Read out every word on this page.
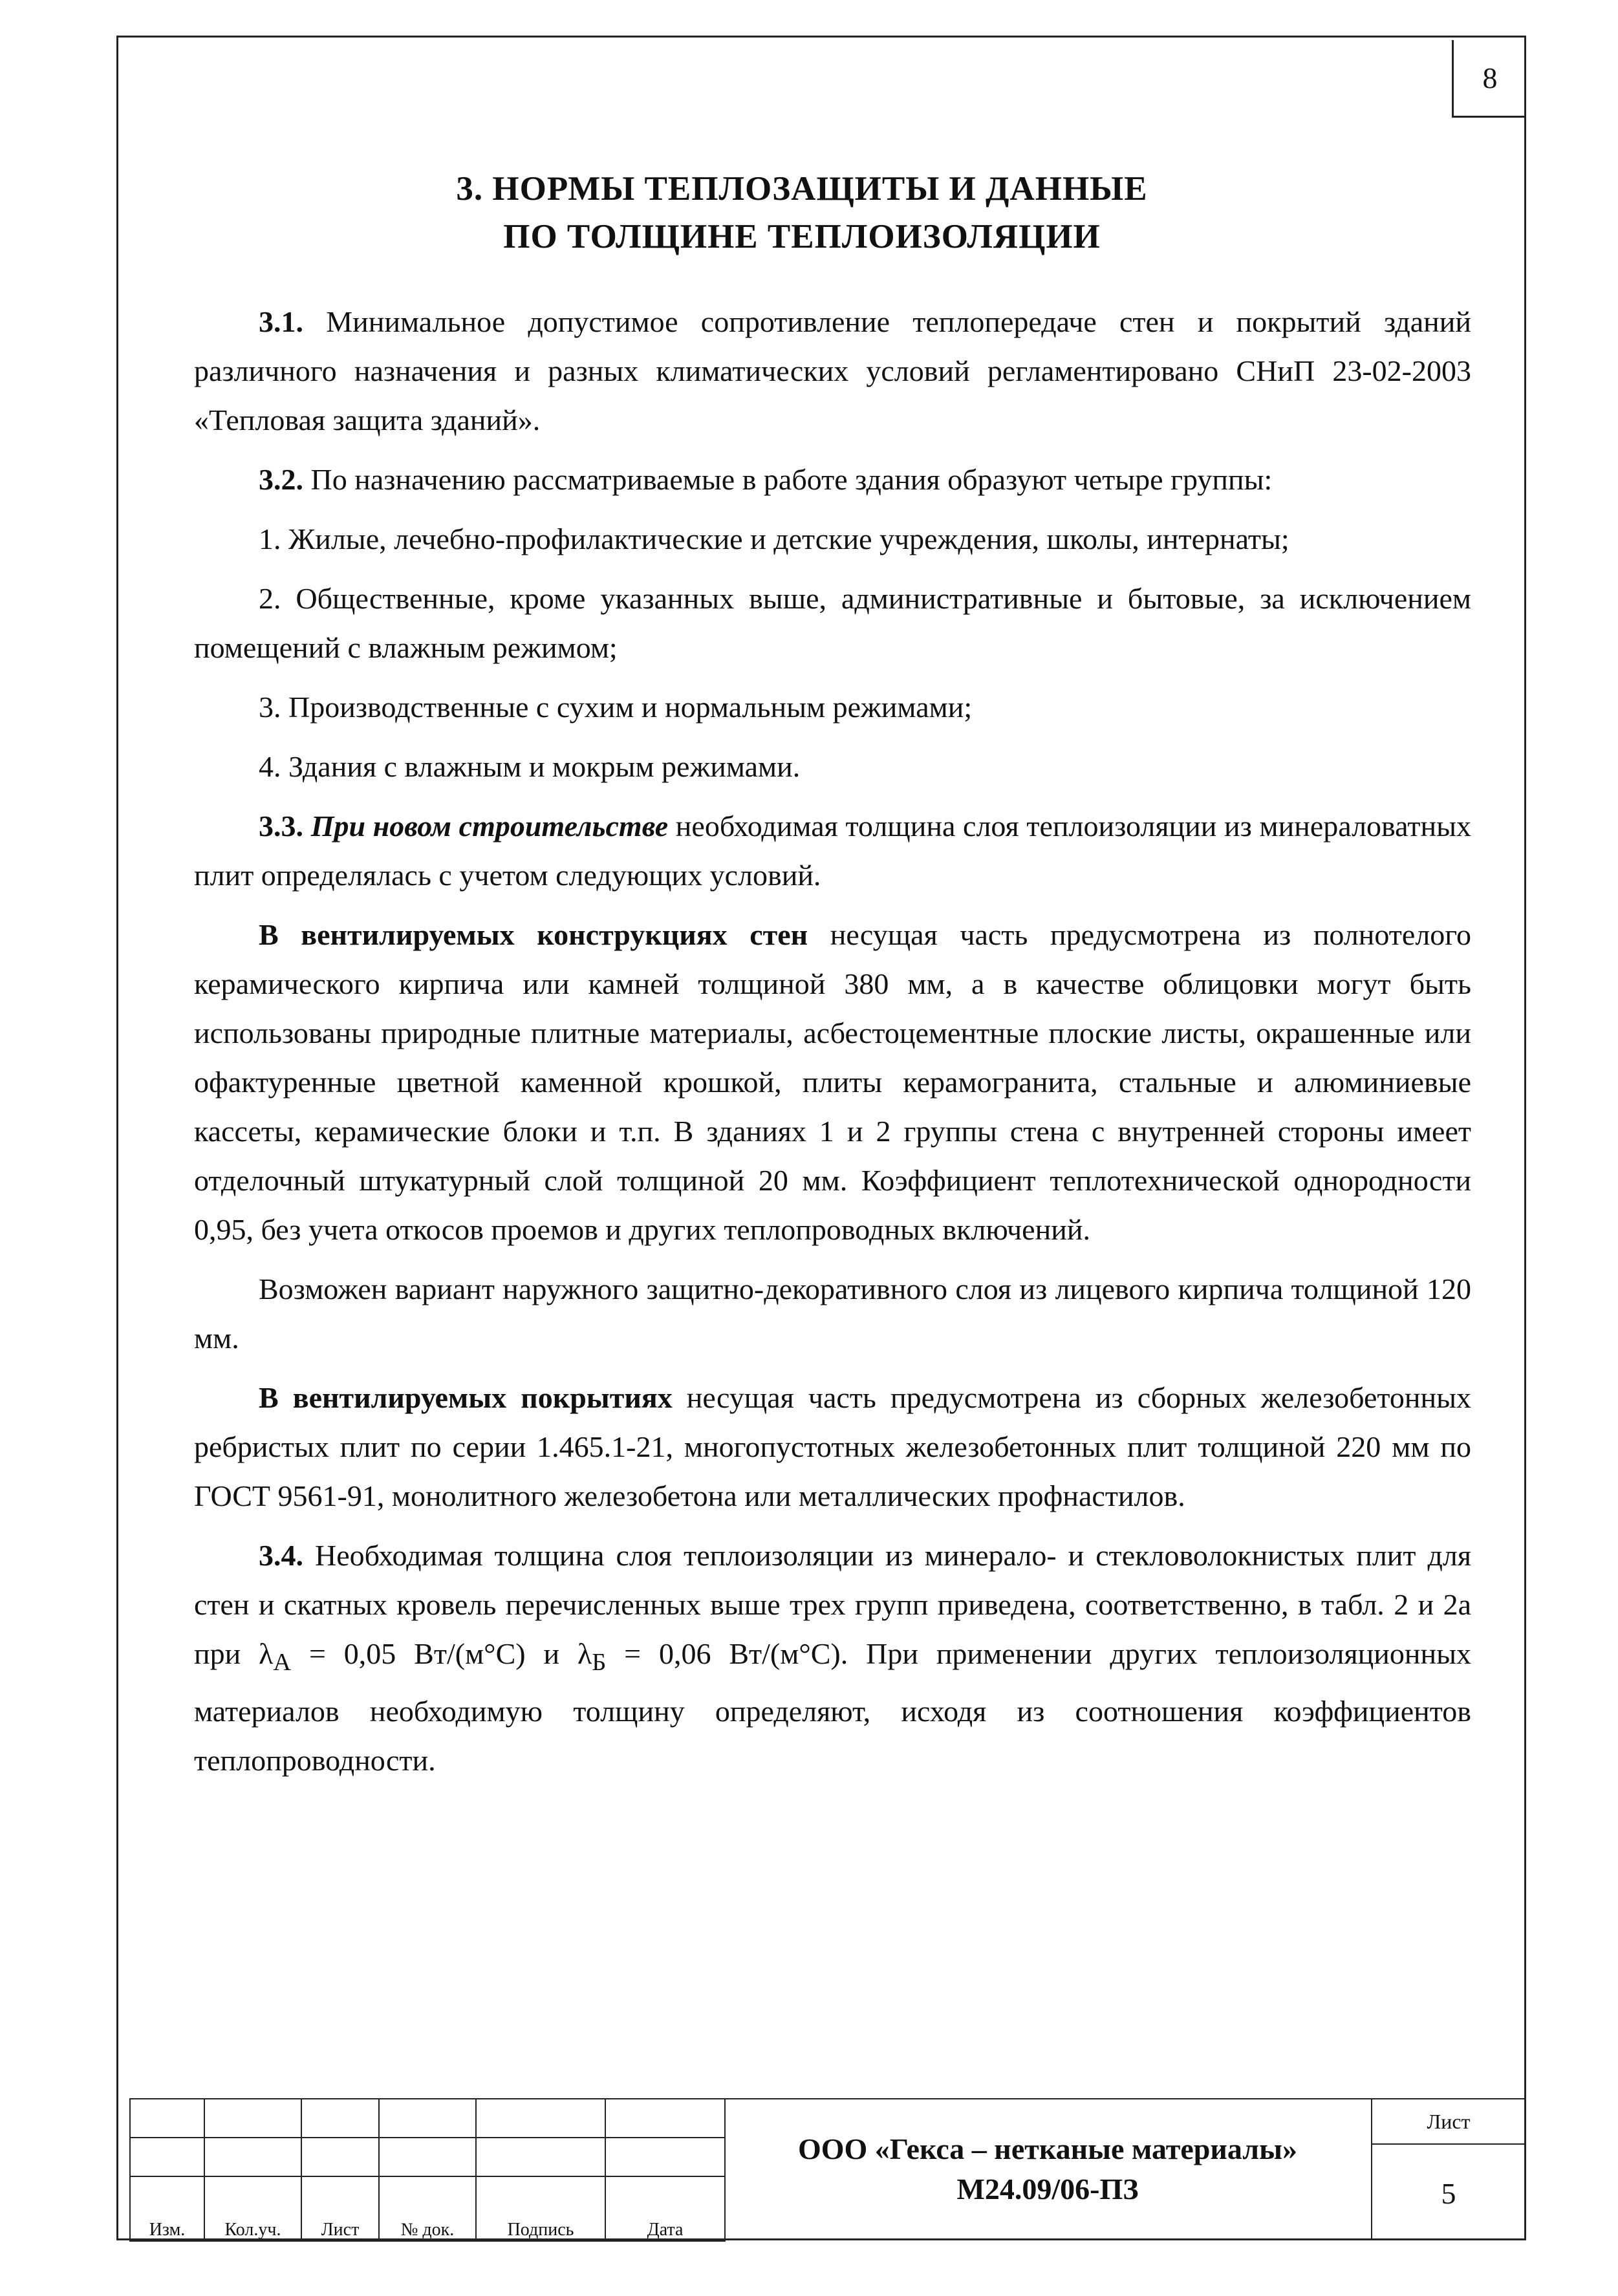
8
3. НОРМЫ ТЕПЛОЗАЩИТЫ И ДАННЫЕ
ПО ТОЛЩИНЕ ТЕПЛОИЗОЛЯЦИИ

3.1. Минимальное допустимое сопротивление теплопередаче стен и покрытий зданий различного назначения и разных климатических условий регламентировано СНиП 23-02-2003 «Тепловая защита зданий».

3.2. По назначению рассматриваемые в работе здания образуют четыре группы:

1. Жилые, лечебно-профилактические и детские учреждения, школы, интернаты;

2. Общественные, кроме указанных выше, административные и бытовые, за исключением помещений с влажным режимом;

3. Производственные с сухим и нормальным режимами;

4. Здания с влажным и мокрым режимами.

3.3. При новом строительстве необходимая толщина слоя теплоизоляции из минераловатных плит определялась с учетом следующих условий.

В вентилируемых конструкциях стен несущая часть предусмотрена из полнотелого керамического кирпича или камней толщиной 380 мм, а в качестве облицовки могут быть использованы природные плитные материалы, асбестоцементные плоские листы, окрашенные или офактуренные цветной каменной крошкой, плиты керамогранита, стальные и алюминиевые кассеты, керамические блоки и т.п. В зданиях 1 и 2 группы стена с внутренней стороны имеет отделочный штукатурный слой толщиной 20 мм. Коэффициент теплотехнической однородности 0,95, без учета откосов проемов и других теплопроводных включений.

Возможен вариант наружного защитно-декоративного слоя из лицевого кирпича толщиной 120 мм.

В вентилируемых покрытиях несущая часть предусмотрена из сборных железобетонных ребристых плит по серии 1.465.1-21, многопустотных железобетонных плит толщиной 220 мм по ГОСТ 9561-91, монолитного железобетона или металлических профнастилов.

3.4. Необходимая толщина слоя теплоизоляции из минерало- и стекловолокнистых плит для стен и скатных кровель перечисленных выше трех групп приведена, соответственно, в табл. 2 и 2а при $\lambda_А = 0,05$ Вт/(м°С) и $\lambda_Б = 0,06$ Вт/(м°С). При применении других теплоизоляционных материалов необходимую толщину определяют, исходя из соотношения коэффициентов теплопроводности.

Изм.	Кол.уч.	Лист	№ док.	Подпись	Дата
ООО «Гекса – нетканые материалы»
М24.09/06-ПЗ
Лист
5
